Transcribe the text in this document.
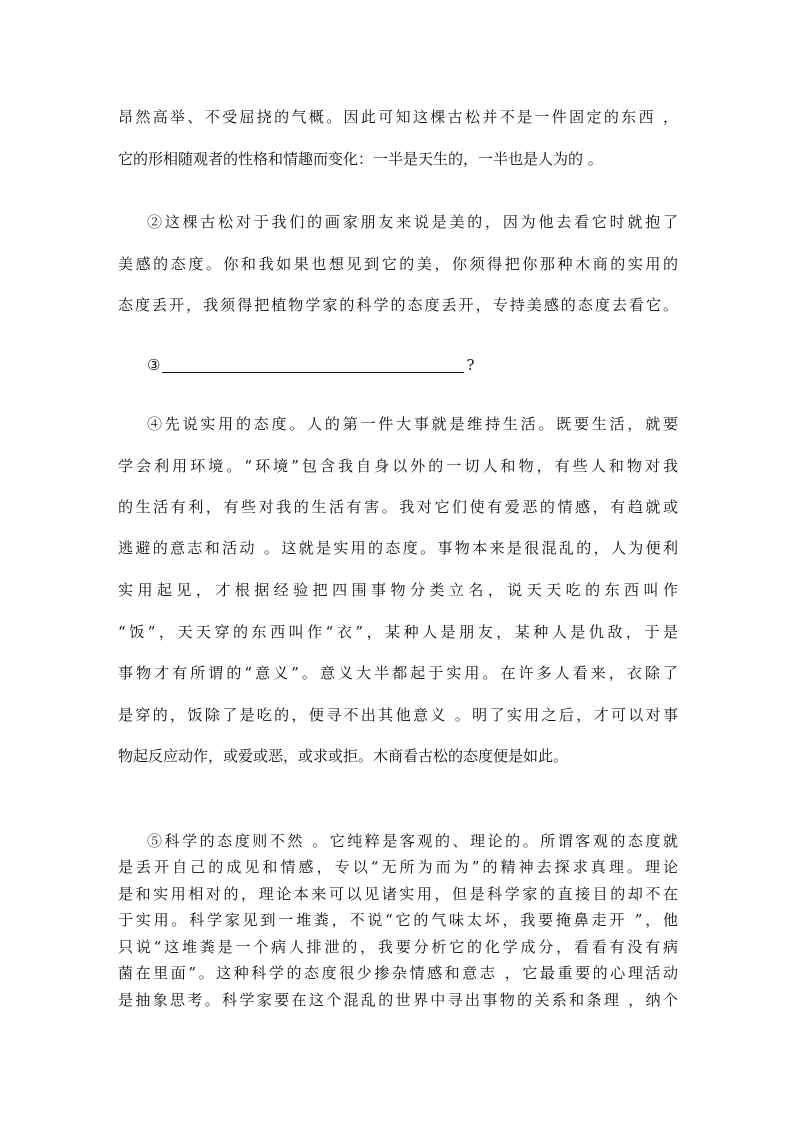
昂然高举、不受屈挠的气概。因此可知这棵古松并不是一件固定的东西 ，
它的形相随观者的性格和情趣而变化：一半是天生的，一半也是人为的 。
②这棵古松对于我们的画家朋友来说是美的，因为他去看它时就抱了
美感的态度。你和我如果也想见到它的美，你须得把你那种木商的实用的
态度丢开，我须得把植物学家的科学的态度丢开，专持美感的态度去看它。
③	?
④先说实用的态度。人的第一件大事就是维持生活。既要生活，就要
学会利用环境。“环境”包含我自身以外的一切人和物，有些人和物对我
的生活有利，有些对我的生活有害。我对它们使有爱恶的情感，有趋就或
逃避的意志和活动 。这就是实用的态度。事物本来是很混乱的，人为便利
实用起见，才根据经验把四围事物分类立名，说天天吃的东西叫作
“饭”，天天穿的东西叫作“衣”，某种人是朋友，某种人是仇敌，于是
事物才有所谓的“意义”。意义大半都起于实用。在许多人看来，衣除了
是穿的，饭除了是吃的，便寻不出其他意义 。明了实用之后，才可以对事
物起反应动作，或爱或恶，或求或拒。木商看古松的态度便是如此。
⑤科学的态度则不然 。它纯粹是客观的、理论的。所谓客观的态度就
是丢开自己的成见和情感，专以“无所为而为”的精神去探求真理。理论
是和实用相对的，理论本来可以见诸实用，但是科学家的直接目的却不在
于实用。科学家见到一堆粪，不说“它的气味太坏，我要掩鼻走开 ”，他
只说“这堆粪是一个病人排泄的，我要分析它的化学成分，看看有没有病
菌在里面”。这种科学的态度很少掺杂情感和意志 ，它最重要的心理活动
是抽象思考。科学家要在这个混乱的世界中寻出事物的关系和条理 ，纳个
